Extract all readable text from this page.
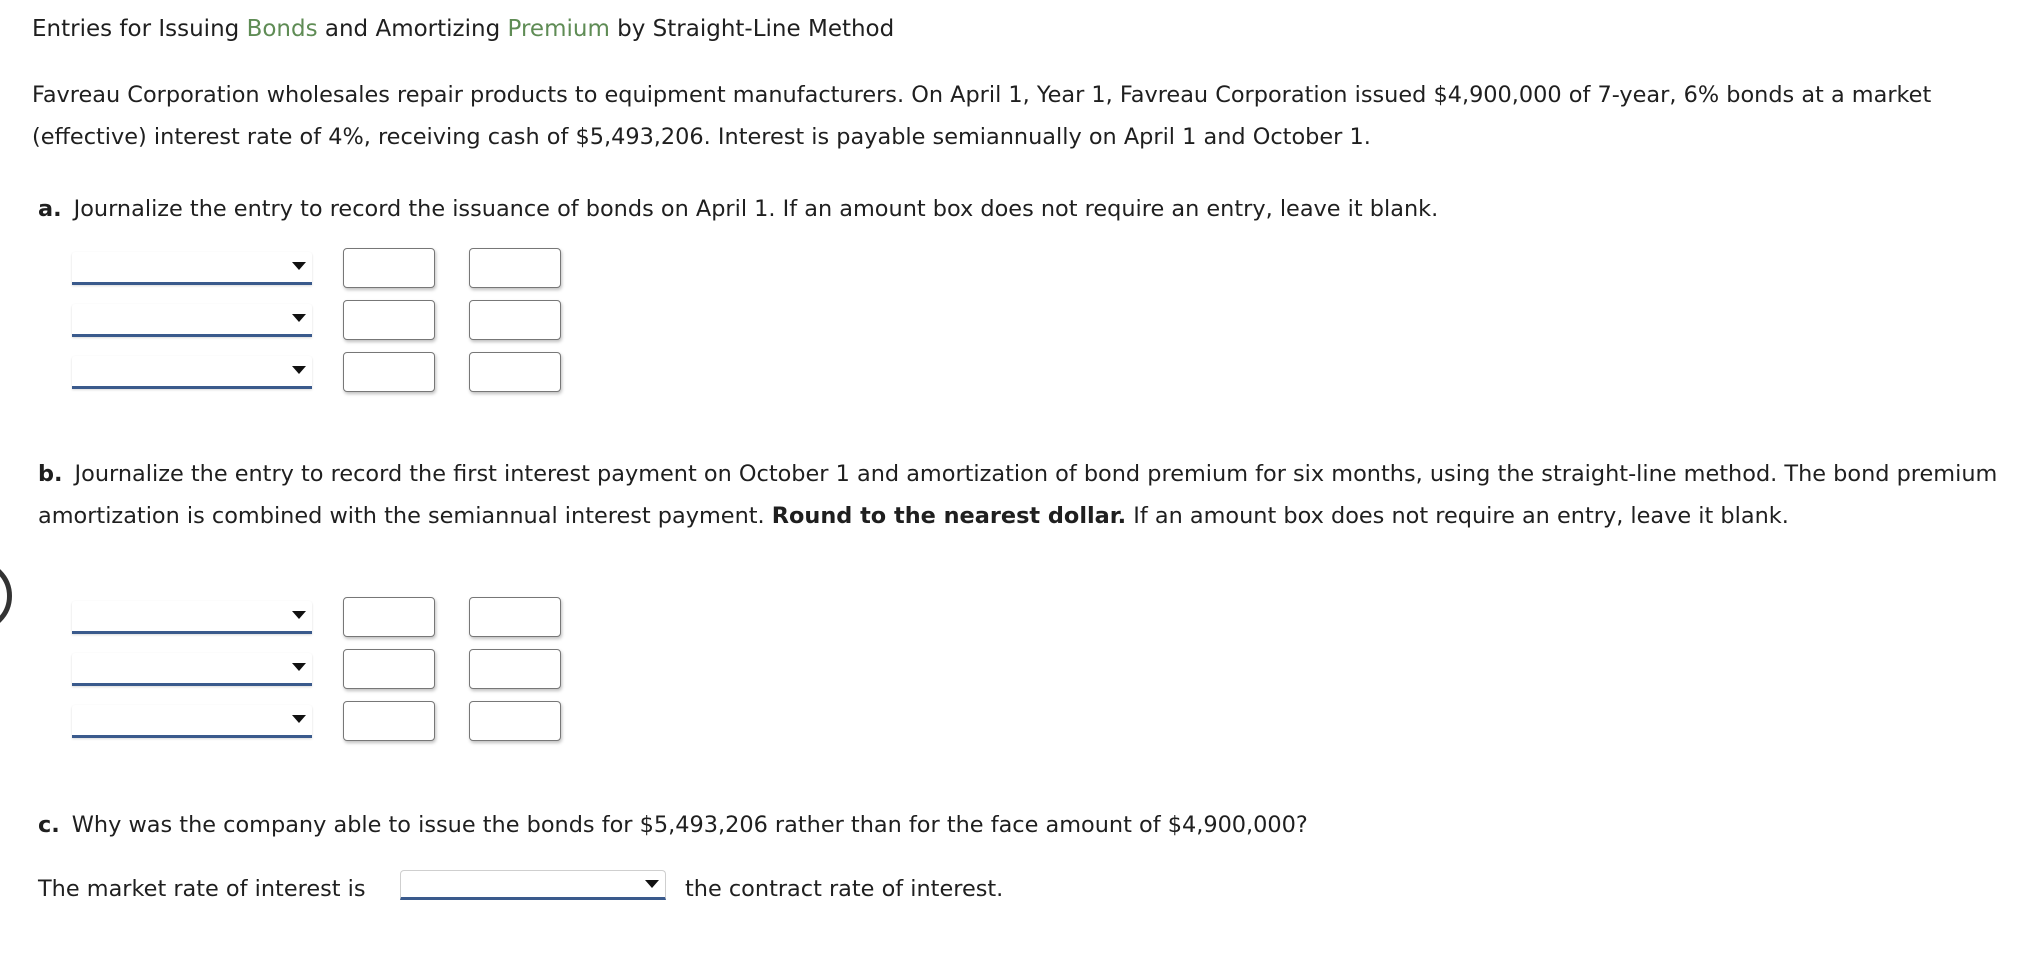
Entries for Issuing Bonds and Amortizing Premium by Straight-Line Method

Favreau Corporation wholesales repair products to equipment manufacturers. On April 1, Year 1, Favreau Corporation issued $4,900,000 of 7-year, 6% bonds at a market (effective) interest rate of 4%, receiving cash of $5,493,206. Interest is payable semiannually on April 1 and October 1.

a. Journalize the entry to record the issuance of bonds on April 1. If an amount box does not require an entry, leave it blank.

b. Journalize the entry to record the first interest payment on October 1 and amortization of bond premium for six months, using the straight-line method. The bond premium amortization is combined with the semiannual interest payment. Round to the nearest dollar. If an amount box does not require an entry, leave it blank.

c. Why was the company able to issue the bonds for $5,493,206 rather than for the face amount of $4,900,000?

The market rate of interest is	the contract rate of interest.
